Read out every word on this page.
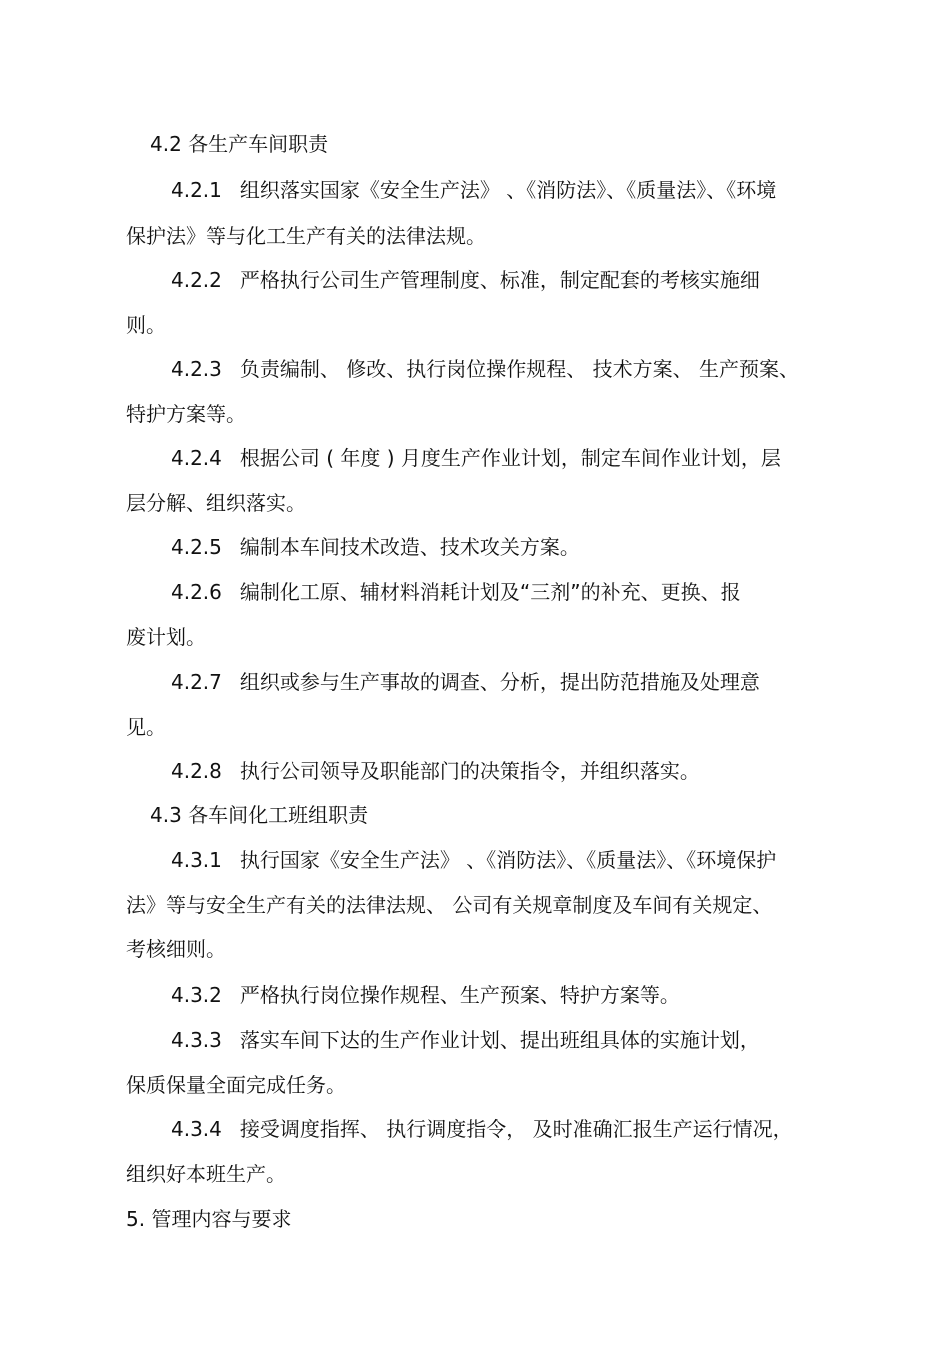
4.2 各生产车间职责
4.2.1 组织落实国家《安全生产法》 、《消防法》、《质量法》、《环境
保护法》等与化工生产有关的法律法规。
4.2.2 严格执行公司生产管理制度、标准，制定配套的考核实施细
则。
4.2.3 负责编制、 修改、执行岗位操作规程、 技术方案、 生产预案、
特护方案等。
4.2.4 根据公司 ( 年度 ) 月度生产作业计划，制定车间作业计划，层
层分解、组织落实。
4.2.5 编制本车间技术改造、技术攻关方案。
4.2.6 编制化工原、辅材料消耗计划及“三剂”的补充、更换、报
废计划。
4.2.7 组织或参与生产事故的调查、分析，提出防范措施及处理意
见。
4.2.8 执行公司领导及职能部门的决策指令，并组织落实。
4.3 各车间化工班组职责
4.3.1 执行国家《安全生产法》 、《消防法》、《质量法》、《环境保护
法》等与安全生产有关的法律法规、 公司有关规章制度及车间有关规定、
考核细则。
4.3.2 严格执行岗位操作规程、生产预案、特护方案等。
4.3.3 落实车间下达的生产作业计划、提出班组具体的实施计划，
保质保量全面完成任务。
4.3.4 接受调度指挥、 执行调度指令， 及时准确汇报生产运行情况，
组织好本班生产。
5. 管理内容与要求
